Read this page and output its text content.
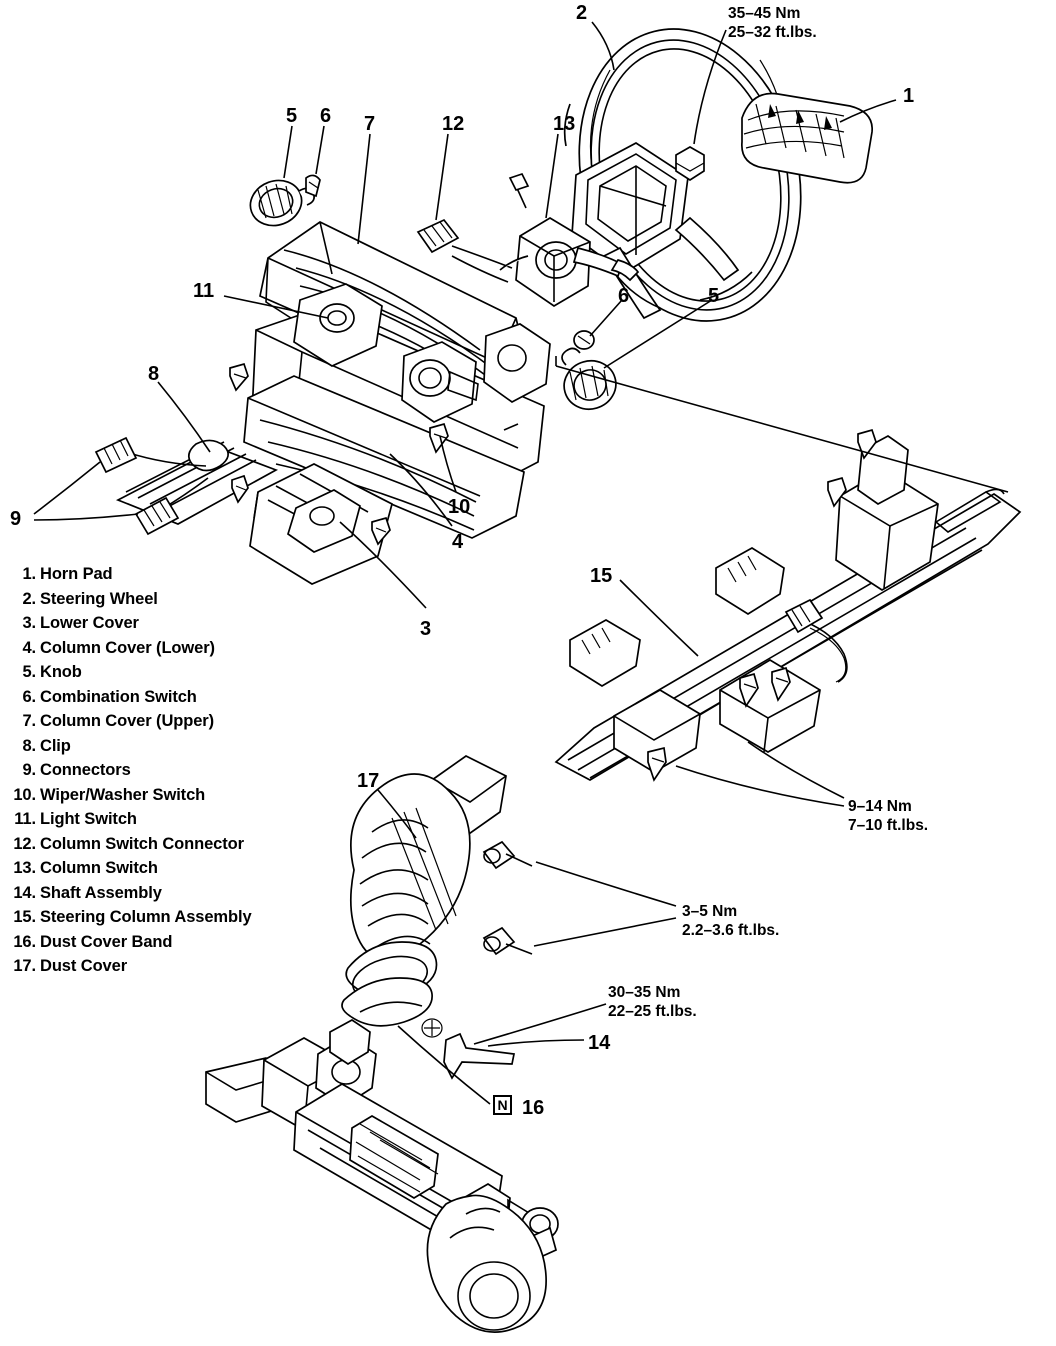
2
1
5 6 7	12	13
6	5
11
8
9
10
4
3
15
17
14
16
35–45 Nm
25–32 ft.lbs.
9–14 Nm
7–10 ft.lbs.
3–5 Nm
2.2–3.6 ft.lbs.
30–35 Nm
22–25 ft.lbs.
N
1. Horn Pad
2. Steering Wheel
3. Lower Cover
4. Column Cover (Lower)
5. Knob
6. Combination Switch
7. Column Cover (Upper)
8. Clip
9. Connectors
10. Wiper/Washer Switch
11. Light Switch
12. Column Switch Connector
13. Column Switch
14. Shaft Assembly
15. Steering Column Assembly
16. Dust Cover Band
17. Dust Cover
